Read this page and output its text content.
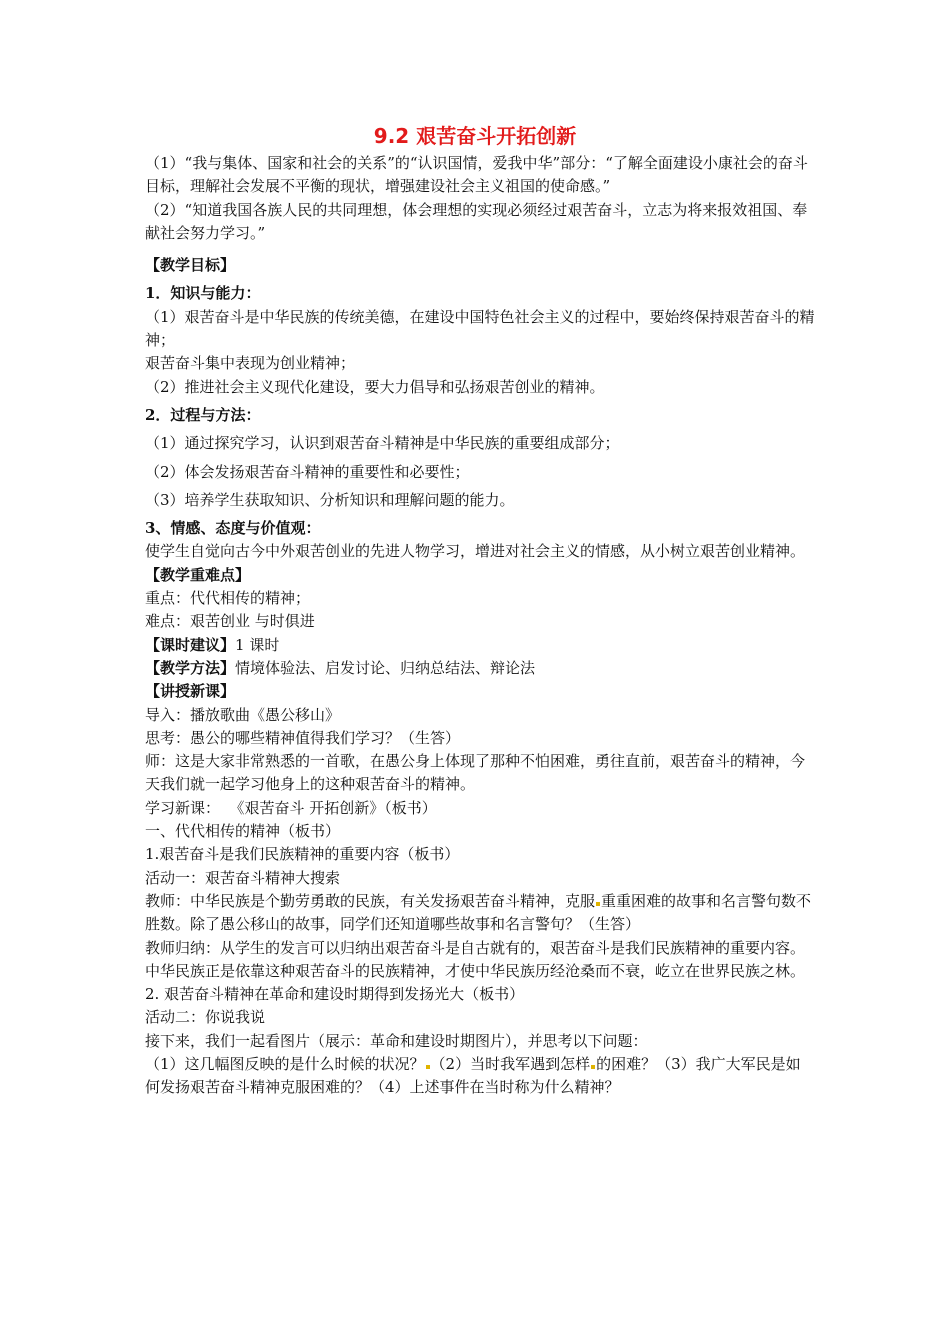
9.2 艰苦奋斗开拓创新

（1）“我与集体、国家和社会的关系”的“认识国情，爱我中华”部分：“了解全面建设小康社会的奋斗目标，理解社会发展不平衡的现状，增强建设社会主义祖国的使命感。”

（2）“知道我国各族人民的共同理想，体会理想的实现必须经过艰苦奋斗，立志为将来报效祖国、奉献社会努力学习。”

【教学目标】

1．知识与能力：

（1）艰苦奋斗是中华民族的传统美德，在建设中国特色社会主义的过程中，要始终保持艰苦奋斗的精神；

艰苦奋斗集中表现为创业精神；

（2）推进社会主义现代化建设，要大力倡导和弘扬艰苦创业的精神。

2．过程与方法：

（1）通过探究学习，认识到艰苦奋斗精神是中华民族的重要组成部分；

（2）体会发扬艰苦奋斗精神的重要性和必要性；

（3）培养学生获取知识、分析知识和理解问题的能力。

3、情感、态度与价值观：

使学生自觉向古今中外艰苦创业的先进人物学习，增进对社会主义的情感，从小树立艰苦创业精神。

【教学重难点】

重点：代代相传的精神；

难点：艰苦创业 与时俱进

【课时建议】1 课时

【教学方法】情境体验法、启发讨论、归纳总结法、辩论法

【讲授新课】

导入：播放歌曲《愚公移山》

思考：愚公的哪些精神值得我们学习？（生答）

师：这是大家非常熟悉的一首歌，在愚公身上体现了那种不怕困难，勇往直前，艰苦奋斗的精神，今天我们就一起学习他身上的这种艰苦奋斗的精神。

学习新课：  《艰苦奋斗 开拓创新》（板书）

一、代代相传的精神（板书）

1.艰苦奋斗是我们民族精神的重要内容（板书）

活动一：艰苦奋斗精神大搜索

教师：中华民族是个勤劳勇敢的民族，有关发扬艰苦奋斗精神，克服 重重困难的故事和名言警句数不胜数。除了愚公移山的故事，同学们还知道哪些故事和名言警句？（生答）

教师归纳：从学生的发言可以归纳出艰苦奋斗是自古就有的，艰苦奋斗是我们民族精神的重要内容。中华民族正是依靠这种艰苦奋斗的民族精神，才使中华民族历经沧桑而不衰，屹立在世界民族之林。

2. 艰苦奋斗精神在革命和建设时期得到发扬光大（板书）

活动二：你说我说

接下来，我们一起看图片（展示：革命和建设时期图片），并思考以下问题：

（1）这几幅图反映的是什么时候的状况？ （2）当时我军遇到怎样 的困难？（3）我广大军民是如何发扬艰苦奋斗精神克服困难的？（4）上述事件在当时称为什么精神？
